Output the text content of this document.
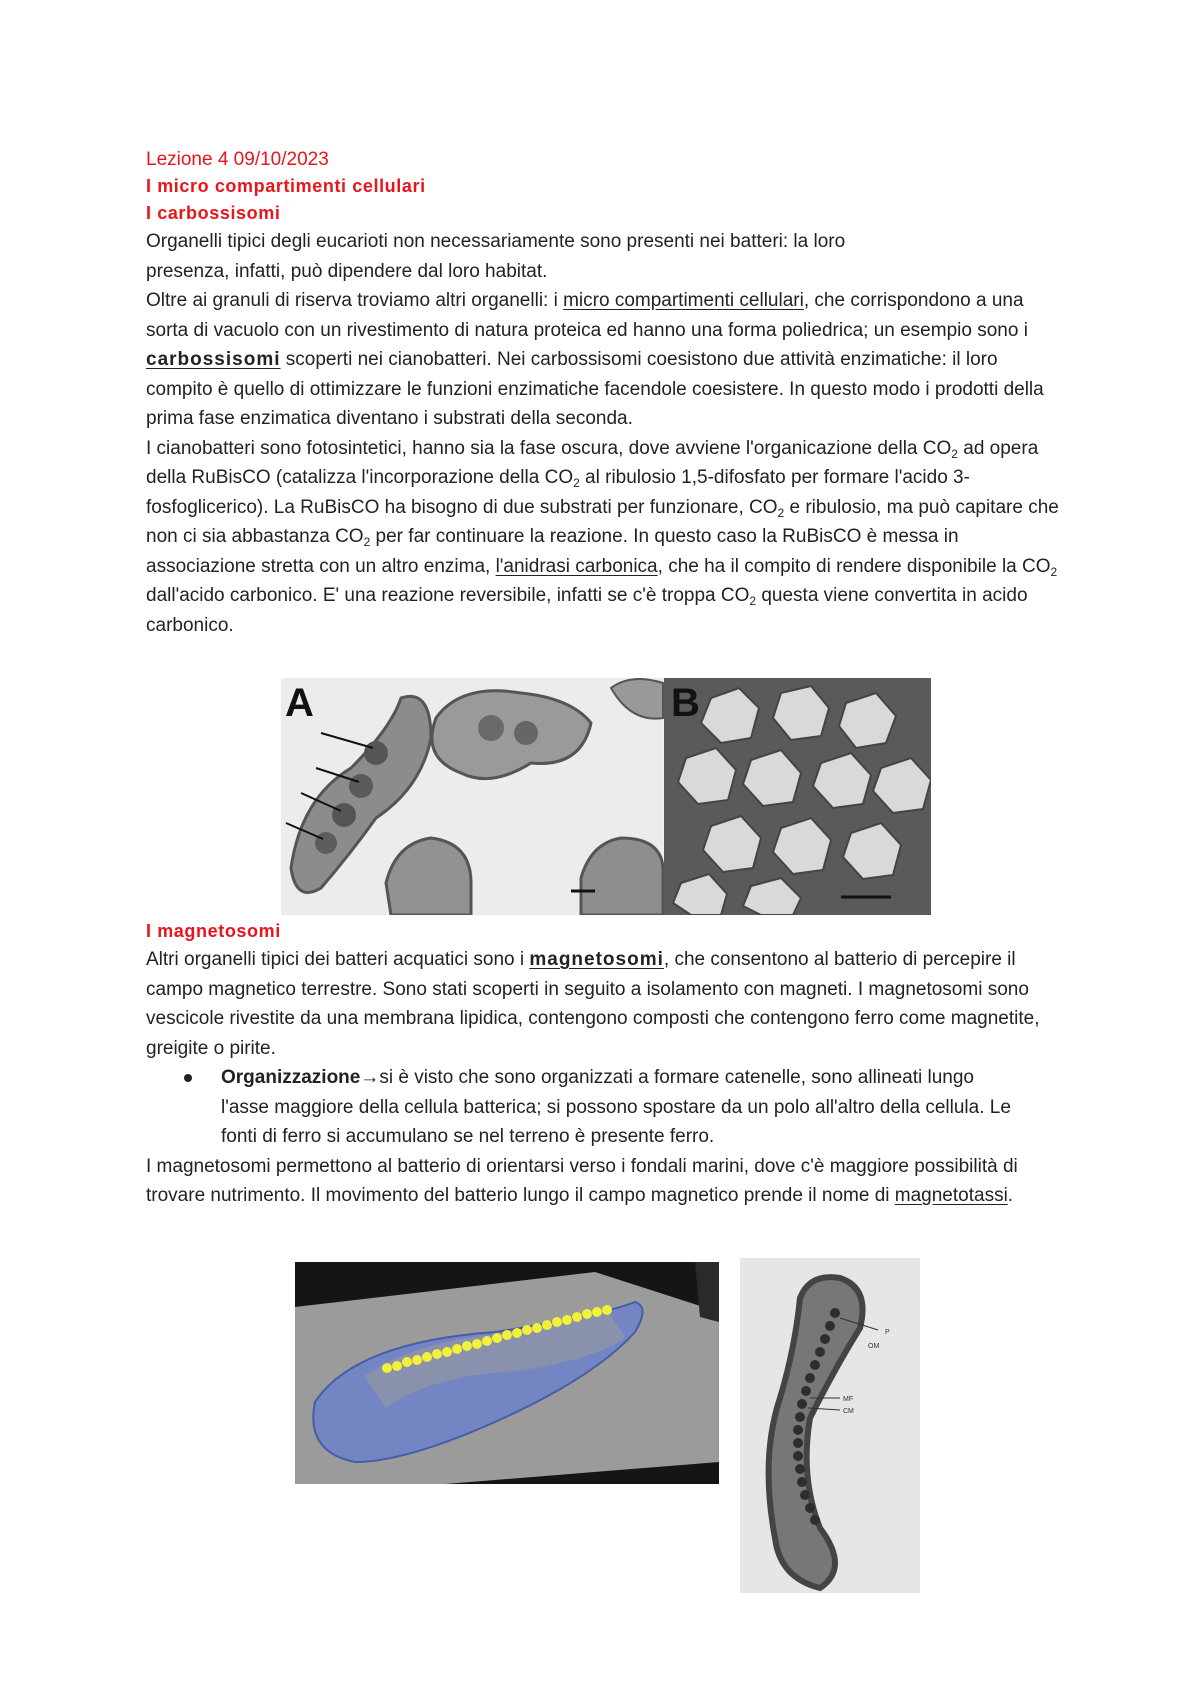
Lezione 4 09/10/2023
I micro compartimenti cellulari
I carbossisomi

Organelli tipici degli eucarioti non necessariamente sono presenti nei batteri: la loro
presenza, infatti, può dipendere dal loro habitat.

Oltre ai granuli di riserva troviamo altri organelli: i micro compartimenti cellulari, che corrispondono a una sorta di vacuolo con un rivestimento di natura proteica ed hanno una forma poliedrica; un esempio sono i carbossisomi scoperti nei cianobatteri. Nei carbossisomi coesistono due attività enzimatiche: il loro compito è quello di ottimizzare le funzioni enzimatiche facendole coesistere. In questo modo i prodotti della prima fase enzimatica diventano i substrati della seconda.

I cianobatteri sono fotosintetici, hanno sia la fase oscura, dove avviene l'organicazione della $CO_2$ ad opera della RuBisCO (catalizza l'incorporazione della $CO_2$ al ribulosio 1,5-difosfato per formare l'acido 3-fosfoglicerico). La RuBisCO ha bisogno di due substrati per funzionare, $CO_2$ e ribulosio, ma può capitare che non ci sia abbastanza $CO_2$ per far continuare la reazione. In questo caso la RuBisCO è messa in associazione stretta con un altro enzima, l'anidrasi carbonica, che ha il compito di rendere disponibile la $CO_2$ dall'acido carbonico. E' una reazione reversibile, infatti se c'è troppa $CO_2$ questa viene convertita in acido carbonico.

A	B
I magnetosomi

Altri organelli tipici dei batteri acquatici sono i magnetosomi, che consentono al batterio di percepire il campo magnetico terrestre. Sono stati scoperti in seguito a isolamento con magneti. I magnetosomi sono vescicole rivestite da una membrana lipidica, contengono composti che contengono ferro come magnetite, greigite o pirite.

Organizzazione→si è visto che sono organizzati a formare catenelle, sono allineati lungo l'asse maggiore della cellula batterica; si possono spostare da un polo all'altro della cellula. Le fonti di ferro si accumulano se nel terreno è presente ferro.

I magnetosomi permettono al batterio di orientarsi verso i fondali marini, dove c'è maggiore possibilità di trovare nutrimento. Il movimento del batterio lungo il campo magnetico prende il nome di magnetotassi.

OM
P
MF
CM
